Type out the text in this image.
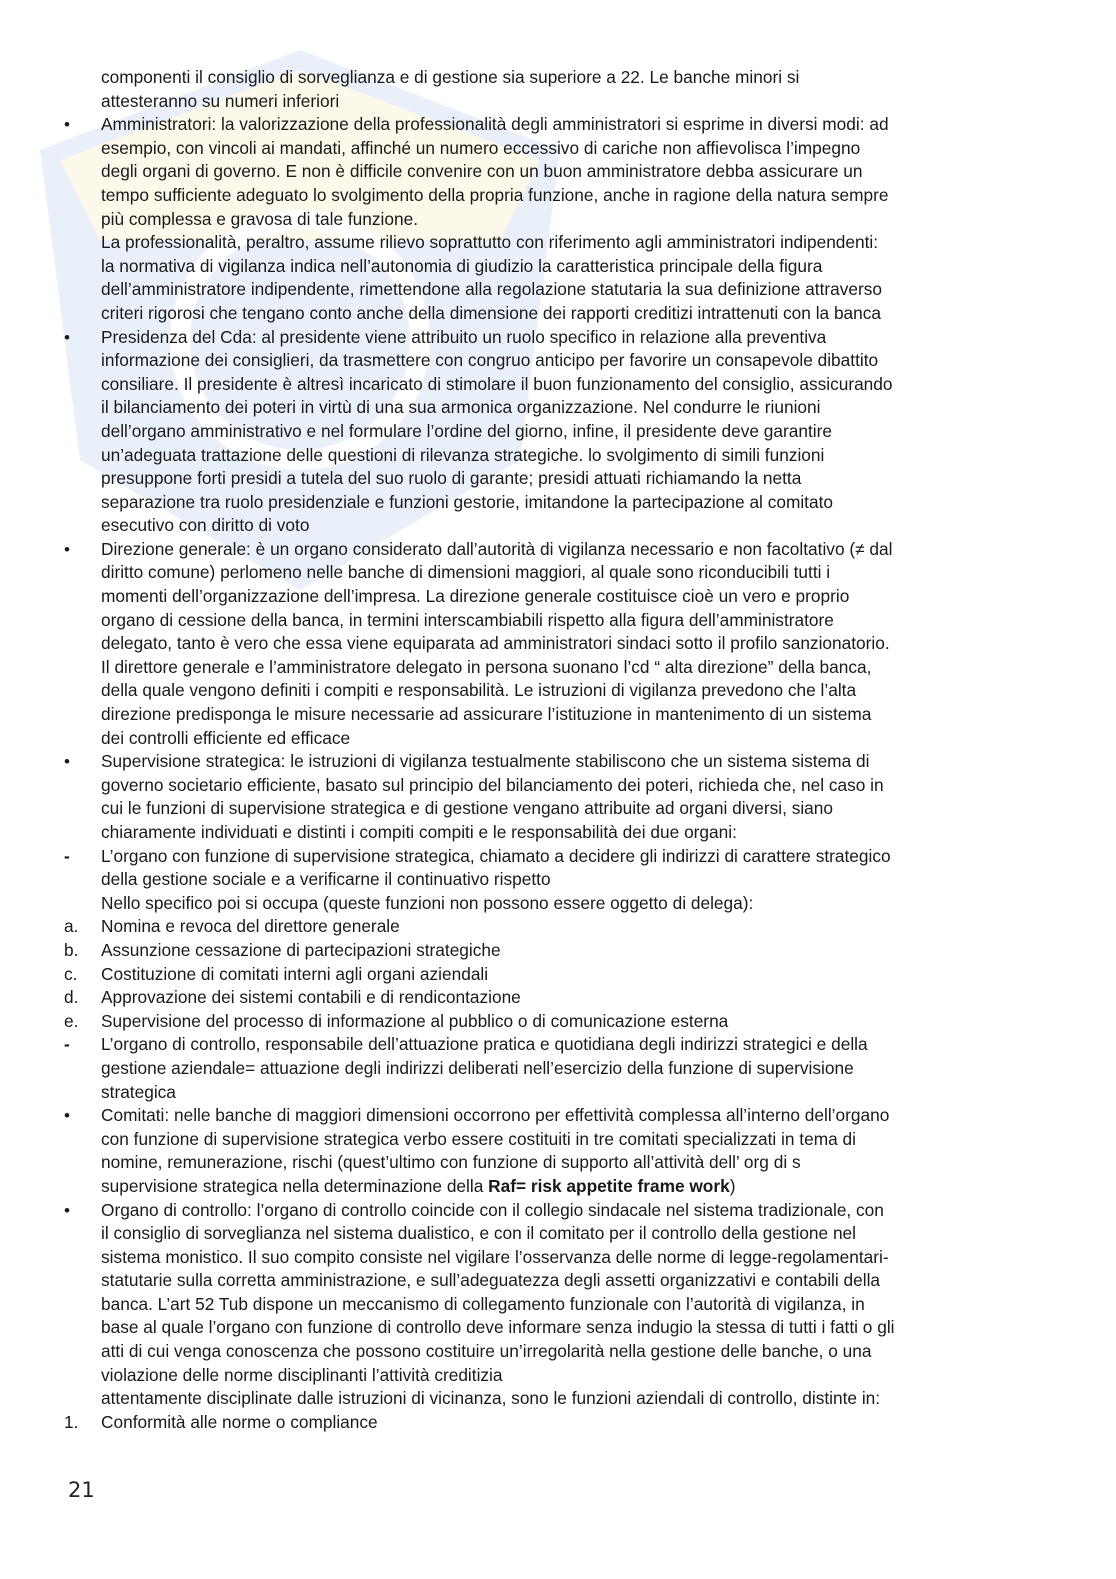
componenti il consiglio di sorveglianza e di gestione sia superiore a 22. Le banche minori si
attesteranno su numeri inferiori
•	Amministratori: la valorizzazione della professionalità degli amministratori si esprime in diversi modi: ad
esempio, con vincoli ai mandati, affinché un numero eccessivo di cariche non affievolisca l’impegno
degli organi di governo. E non è difficile convenire con un buon amministratore debba assicurare un
tempo sufficiente adeguato lo svolgimento della propria funzione, anche in ragione della natura sempre
più complessa e gravosa di tale funzione.
La professionalità, peraltro, assume rilievo soprattutto con riferimento agli amministratori indipendenti:
la normativa di vigilanza indica nell’autonomia di giudizio la caratteristica principale della figura
dell’amministratore indipendente, rimettendone alla regolazione statutaria la sua definizione attraverso
criteri rigorosi che tengano conto anche della dimensione dei rapporti creditizi intrattenuti con la banca
•	Presidenza del Cda: al presidente viene attribuito un ruolo specifico in relazione alla preventiva
informazione dei consiglieri, da trasmettere con congruo anticipo per favorire un consapevole dibattito
consiliare. Il presidente è altresì incaricato di stimolare il buon funzionamento del consiglio, assicurando
il bilanciamento dei poteri in virtù di una sua armonica organizzazione. Nel condurre le riunioni
dell’organo amministrativo e nel formulare l’ordine del giorno, infine, il presidente deve garantire
un’adeguata trattazione delle questioni di rilevanza strategiche. lo svolgimento di simili funzioni
presuppone forti presidi a tutela del suo ruolo di garante; presidi attuati richiamando la netta
separazione tra ruolo presidenziale e funzioni gestorie, imitandone la partecipazione al comitato
esecutivo con diritto di voto
•	Direzione generale: è un organo considerato dall’autorità di vigilanza necessario e non facoltativo (≠ dal
diritto comune) perlomeno nelle banche di dimensioni maggiori, al quale sono riconducibili tutti i
momenti dell’organizzazione dell’impresa. La direzione generale costituisce cioè un vero e proprio
organo di cessione della banca, in termini interscambiabili rispetto alla figura dell’amministratore
delegato, tanto è vero che essa viene equiparata ad amministratori sindaci sotto il profilo sanzionatorio.
Il direttore generale e l’amministratore delegato in persona suonano l’cd “ alta direzione” della banca,
della quale vengono definiti i compiti e responsabilità. Le istruzioni di vigilanza prevedono che l’alta
direzione predisponga le misure necessarie ad assicurare l’istituzione in mantenimento di un sistema
dei controlli efficiente ed efficace
•	Supervisione strategica: le istruzioni di vigilanza testualmente stabiliscono che un sistema sistema di
governo societario efficiente, basato sul principio del bilanciamento dei poteri, richieda che, nel caso in
cui le funzioni di supervisione strategica e di gestione vengano attribuite ad organi diversi, siano
chiaramente individuati e distinti i compiti compiti e le responsabilità dei due organi:
-	L’organo con funzione di supervisione strategica, chiamato a decidere gli indirizzi di carattere strategico
della gestione sociale e a verificarne il continuativo rispetto
Nello specifico poi si occupa (queste funzioni non possono essere oggetto di delega):
a.	Nomina e revoca del direttore generale
b.	Assunzione cessazione di partecipazioni strategiche
c.	Costituzione di comitati interni agli organi aziendali
d.	Approvazione dei sistemi contabili e di rendicontazione
e.	Supervisione del processo di informazione al pubblico o di comunicazione esterna
-	L’organo di controllo, responsabile dell’attuazione pratica e quotidiana degli indirizzi strategici e della
gestione aziendale= attuazione degli indirizzi deliberati nell’esercizio della funzione di supervisione
strategica
•	Comitati: nelle banche di maggiori dimensioni occorrono per effettività complessa all’interno dell’organo
con funzione di supervisione strategica verbo essere costituiti in tre comitati specializzati in tema di
nomine, remunerazione, rischi (quest’ultimo con funzione di supporto all’attività dell’ org di s
supervisione strategica nella determinazione della Raf= risk appetite frame work)
•	Organo di controllo: l’organo di controllo coincide con il collegio sindacale nel sistema tradizionale, con
il consiglio di sorveglianza nel sistema dualistico, e con il comitato per il controllo della gestione nel
sistema monistico. Il suo compito consiste nel vigilare l’osservanza delle norme di legge-regolamentari-
statutarie sulla corretta amministrazione, e sull’adeguatezza degli assetti organizzativi e contabili della
banca. L’art 52 Tub dispone un meccanismo di collegamento funzionale con l’autorità di vigilanza, in
base al quale l’organo con funzione di controllo deve informare senza indugio la stessa di tutti i fatti o gli
atti di cui venga conoscenza che possono costituire un’irregolarità nella gestione delle banche, o una
violazione delle norme disciplinanti l’attività creditizia
attentamente disciplinate dalle istruzioni di vicinanza, sono le funzioni aziendali di controllo, distinte in:
1.	Conformità alle norme o compliance
21
